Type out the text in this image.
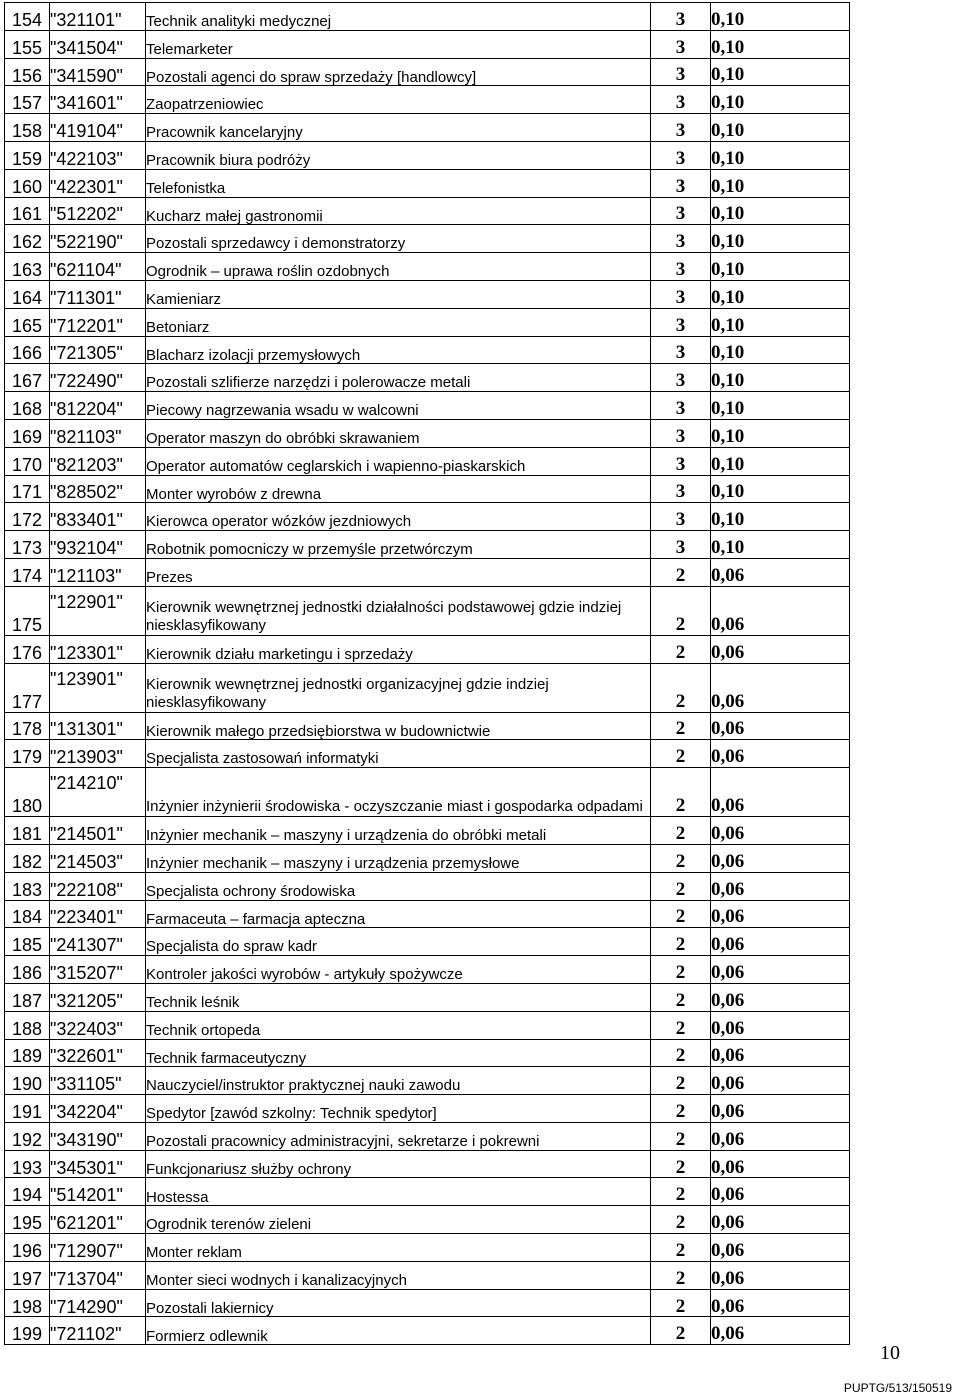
154	"321101"	Technik analityki medycznej	3	0,10
155	"341504"	Telemarketer	3	0,10
156	"341590"	Pozostali agenci do spraw sprzedaży [handlowcy]	3	0,10
157	"341601"	Zaopatrzeniowiec	3	0,10
158	"419104"	Pracownik kancelaryjny	3	0,10
159	"422103"	Pracownik biura podróży	3	0,10
160	"422301"	Telefonistka	3	0,10
161	"512202"	Kucharz małej gastronomii	3	0,10
162	"522190"	Pozostali sprzedawcy i demonstratorzy	3	0,10
163	"621104"	Ogrodnik – uprawa roślin ozdobnych	3	0,10
164	"711301"	Kamieniarz	3	0,10
165	"712201"	Betoniarz	3	0,10
166	"721305"	Blacharz izolacji przemysłowych	3	0,10
167	"722490"	Pozostali szlifierze narzędzi i polerowacze metali	3	0,10
168	"812204"	Piecowy nagrzewania wsadu w walcowni	3	0,10
169	"821103"	Operator maszyn do obróbki skrawaniem	3	0,10
170	"821203"	Operator automatów ceglarskich i wapienno-piaskarskich	3	0,10
171	"828502"	Monter wyrobów z drewna	3	0,10
172	"833401"	Kierowca operator wózków jezdniowych	3	0,10
173	"932104"	Robotnik pomocniczy w przemyśle przetwórczym	3	0,10
174	"121103"	Prezes	2	0,06
175	"122901"	Kierownik wewnętrznej jednostki działalności podstawowej gdzie indziej niesklasyfikowany	2	0,06
176	"123301"	Kierownik działu marketingu i sprzedaży	2	0,06
177	"123901"	Kierownik wewnętrznej jednostki organizacyjnej gdzie indziej niesklasyfikowany	2	0,06
178	"131301"	Kierownik małego przedsiębiorstwa w budownictwie	2	0,06
179	"213903"	Specjalista zastosowań informatyki	2	0,06
180	"214210"	Inżynier inżynierii środowiska - oczyszczanie miast i gospodarka odpadami	2	0,06
181	"214501"	Inżynier mechanik – maszyny i urządzenia do obróbki metali	2	0,06
182	"214503"	Inżynier mechanik – maszyny i urządzenia przemysłowe	2	0,06
183	"222108"	Specjalista ochrony środowiska	2	0,06
184	"223401"	Farmaceuta – farmacja apteczna	2	0,06
185	"241307"	Specjalista do spraw kadr	2	0,06
186	"315207"	Kontroler jakości wyrobów - artykuły spożywcze	2	0,06
187	"321205"	Technik leśnik	2	0,06
188	"322403"	Technik ortopeda	2	0,06
189	"322601"	Technik farmaceutyczny	2	0,06
190	"331105"	Nauczyciel/instruktor praktycznej nauki zawodu	2	0,06
191	"342204"	Spedytor [zawód szkolny: Technik spedytor]	2	0,06
192	"343190"	Pozostali pracownicy administracyjni, sekretarze i pokrewni	2	0,06
193	"345301"	Funkcjonariusz służby ochrony	2	0,06
194	"514201"	Hostessa	2	0,06
195	"621201"	Ogrodnik terenów zieleni	2	0,06
196	"712907"	Monter reklam	2	0,06
197	"713704"	Monter sieci wodnych i kanalizacyjnych	2	0,06
198	"714290"	Pozostali lakiernicy	2	0,06
199	"721102"	Formierz odlewnik	2	0,06
10
PUPTG/513/150519
